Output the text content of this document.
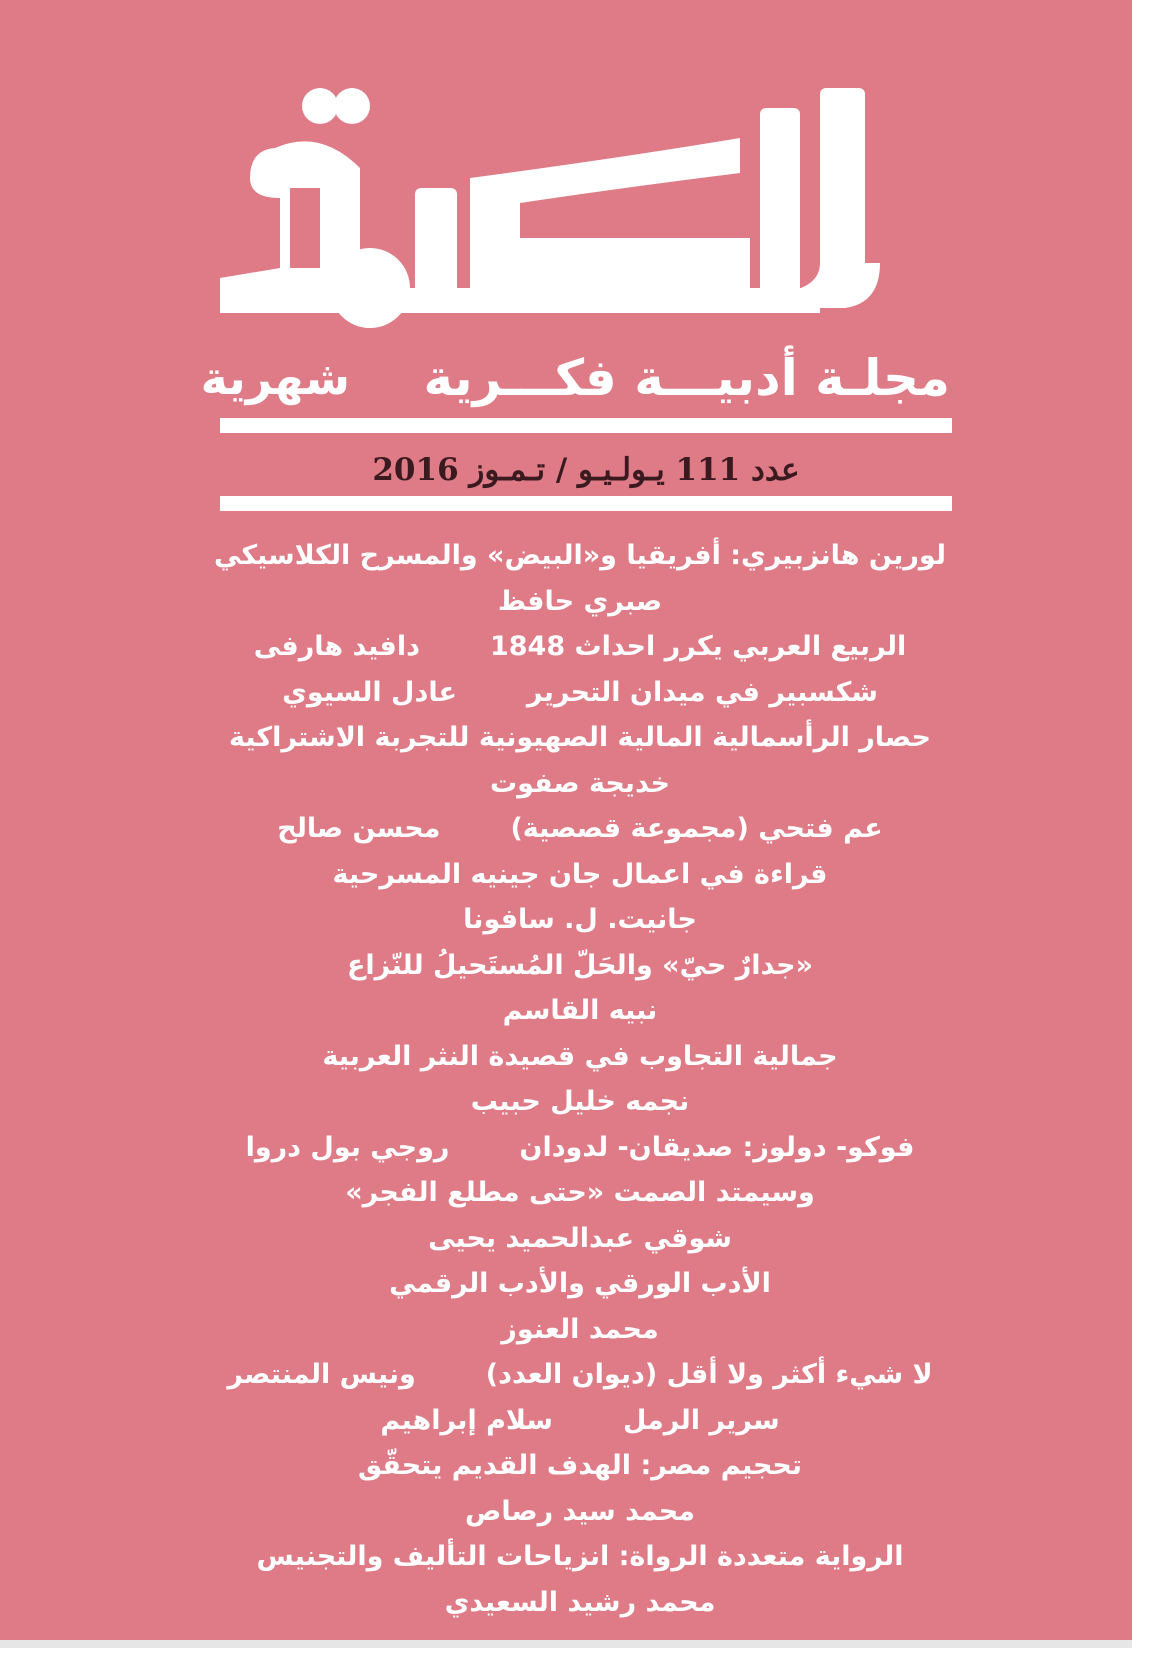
مجلـة أدبيـــة فكـــرية
شهرية
عدد 111 يـولـيـو / تـمـوز 2016
لورين هانزبيري: أفريقيا و«البيض» والمسرح الكلاسيكي
صبري حافظ
الربيع العربي يكرر احداث 1848دافيد هارفى
شكسبير في ميدان التحريرعادل السيوي
حصار الرأسمالية المالية الصهيونية للتجربة الاشتراكية
خديجة صفوت
عم فتحي (مجموعة قصصية)محسن صالح
قراءة في اعمال جان جينيه المسرحية
جانيت. ل. سافونا
«جدارٌ حيّ» والحَلّ المُستَحيلُ للنّزاع
نبيه القاسم
جمالية التجاوب في قصيدة النثر العربية
نجمه خليل حبيب
فوكو- دولوز: صديقان- لدودانروجي بول دروا
وسيمتد الصمت «حتى مطلع الفجر»
شوقي عبدالحميد يحيى
الأدب الورقي والأدب الرقمي
محمد العنوز
لا شيء أكثر ولا أقل (ديوان العدد)ونيس المنتصر
سرير الرملسلام إبراهيم
تحجيم مصر: الهدف القديم يتحقّق
محمد سيد رصاص
الرواية متعددة الرواة: انزياحات التأليف والتجنيس
محمد رشيد السعيدي
